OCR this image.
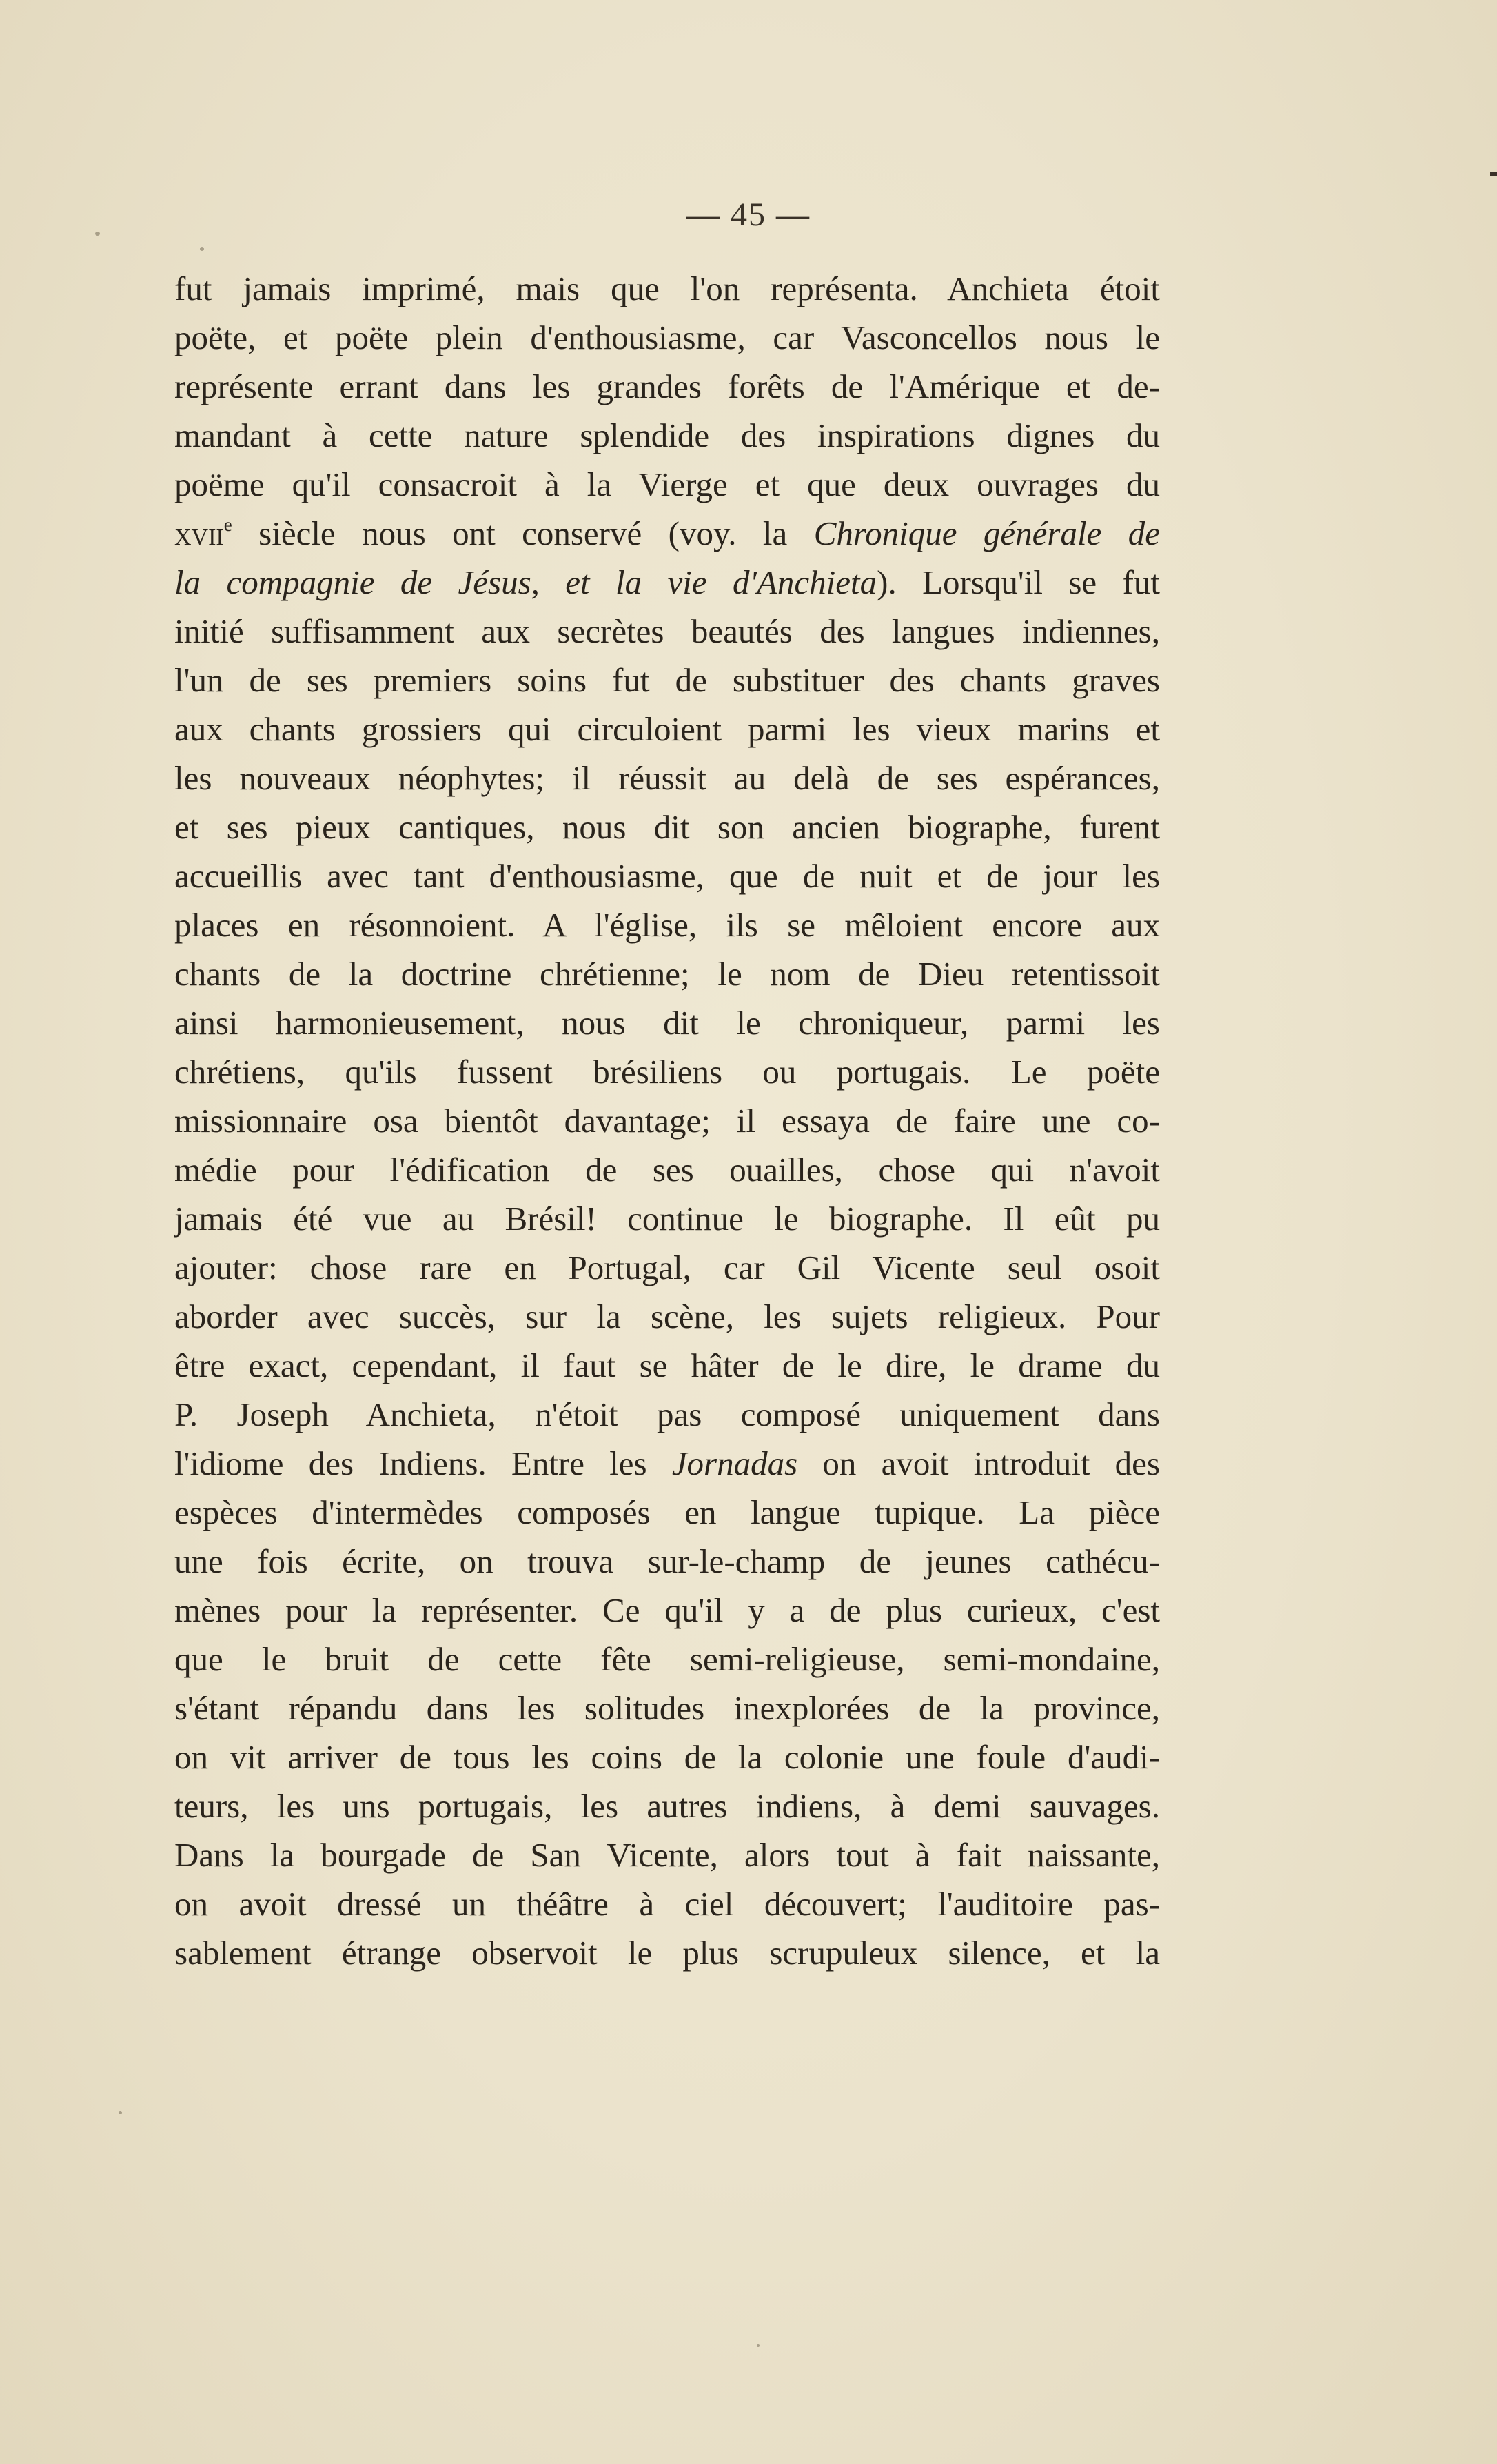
— 45 —
fut jamais imprimé, mais que l'on représenta. Anchieta étoit
poëte, et poëte plein d'enthousiasme, car Vasconcellos nous le
représente errant dans les grandes forêts de l'Amérique et de-
mandant à cette nature splendide des inspirations dignes du
poëme qu'il consacroit à la Vierge et que deux ouvrages du
xvii$^e$ siècle nous ont conservé (voy. la Chronique générale de
la compagnie de Jésus, et la vie d'Anchieta). Lorsqu'il se fut
initié suffisamment aux secrètes beautés des langues indiennes,
l'un de ses premiers soins fut de substituer des chants graves
aux chants grossiers qui circuloient parmi les vieux marins et
les nouveaux néophytes; il réussit au delà de ses espérances,
et ses pieux cantiques, nous dit son ancien biographe, furent
accueillis avec tant d'enthousiasme, que de nuit et de jour les
places en résonnoient. A l'église, ils se mêloient encore aux
chants de la doctrine chrétienne; le nom de Dieu retentissoit
ainsi harmonieusement, nous dit le chroniqueur, parmi les
chrétiens, qu'ils fussent brésiliens ou portugais. Le poëte
missionnaire osa bientôt davantage; il essaya de faire une co-
médie pour l'édification de ses ouailles, chose qui n'avoit
jamais été vue au Brésil! continue le biographe. Il eût pu
ajouter: chose rare en Portugal, car Gil Vicente seul osoit
aborder avec succès, sur la scène, les sujets religieux. Pour
être exact, cependant, il faut se hâter de le dire, le drame du
P. Joseph Anchieta, n'étoit pas composé uniquement dans
l'idiome des Indiens. Entre les Jornadas on avoit introduit des
espèces d'intermèdes composés en langue tupique. La pièce
une fois écrite, on trouva sur-le-champ de jeunes cathécu-
mènes pour la représenter. Ce qu'il y a de plus curieux, c'est
que le bruit de cette fête semi-religieuse, semi-mondaine,
s'étant répandu dans les solitudes inexplorées de la province,
on vit arriver de tous les coins de la colonie une foule d'audi-
teurs, les uns portugais, les autres indiens, à demi sauvages.
Dans la bourgade de San Vicente, alors tout à fait naissante,
on avoit dressé un théâtre à ciel découvert; l'auditoire pas-
sablement étrange observoit le plus scrupuleux silence, et la
